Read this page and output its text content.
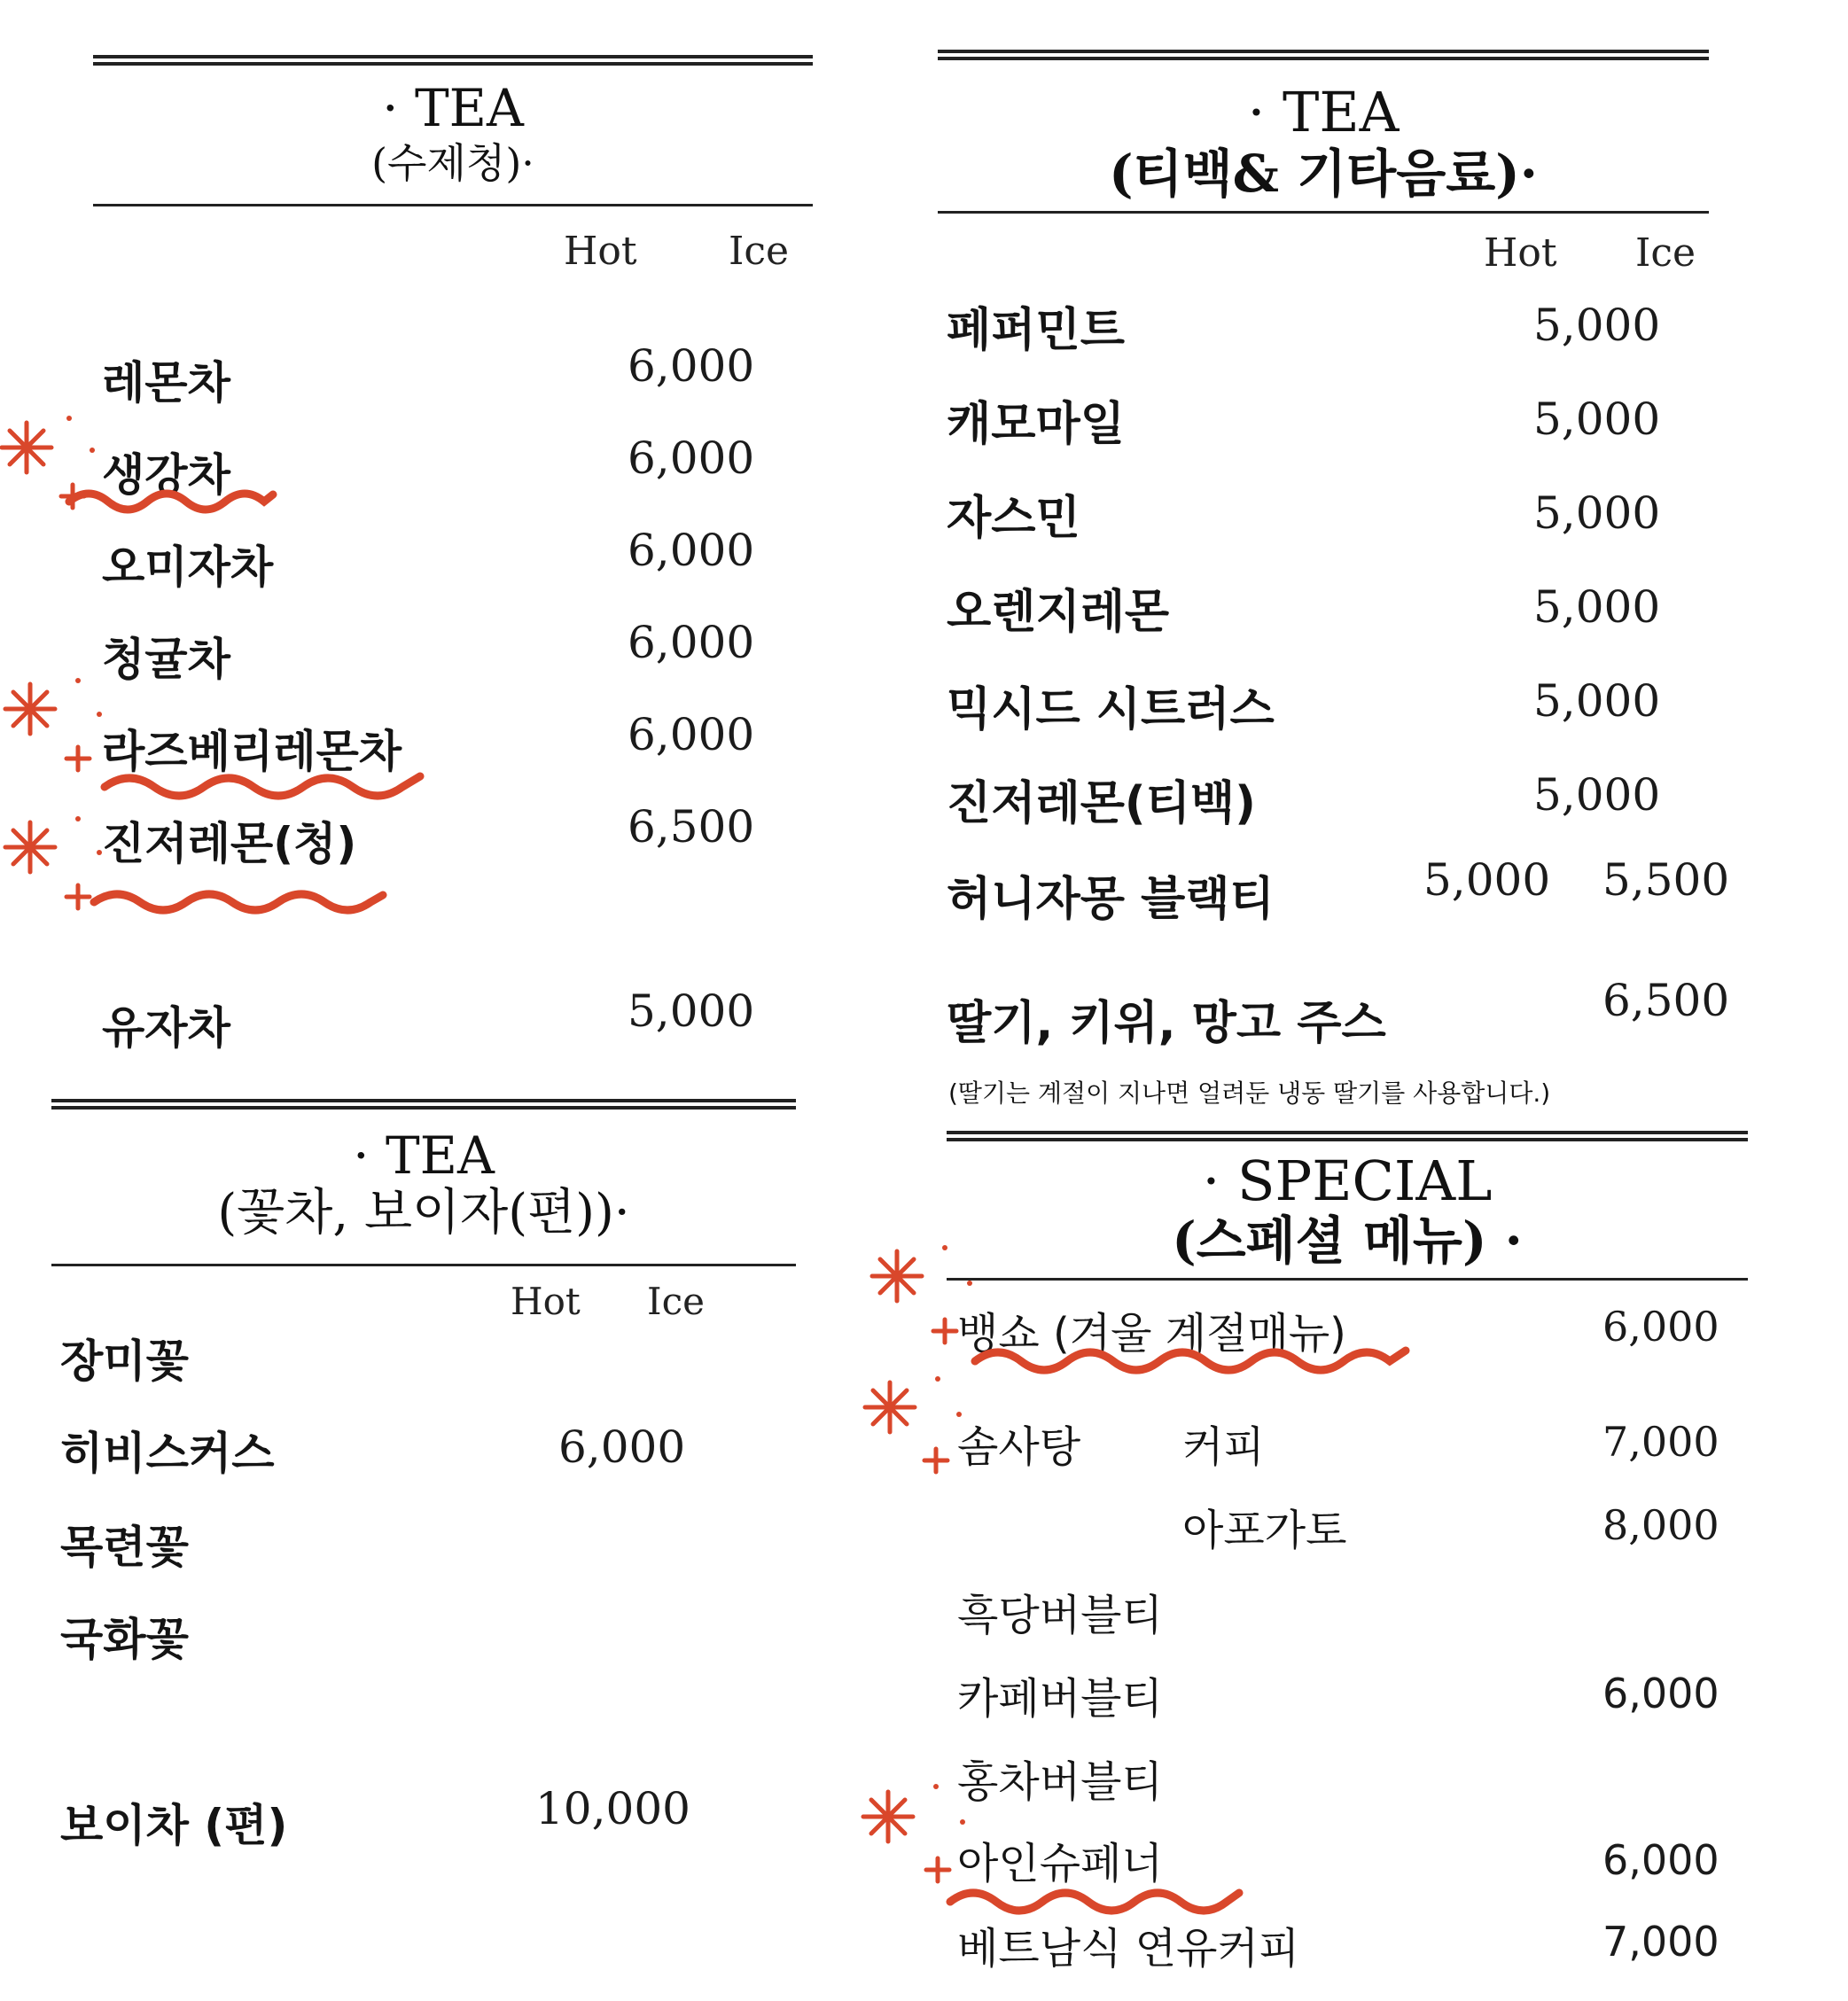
· TEA
(수제청)·
Hot Ice
레몬차	6,000
생강차	6,000
오미자차	6,000
청귤차	6,000
라즈베리레몬차	6,000
진저레몬(청)	6,500
유자차	5,000
· TEA
(티백& 기타음료)·
Hot Ice
페퍼민트	5,000
캐모마일	5,000
자스민	5,000
오렌지레몬	5,000
믹시드 시트러스	5,000
진저레몬(티백)	5,000
허니자몽 블랙티	5,000 5,500
딸기, 키위, 망고 주스	6,500
(딸기는 계절이 지나면 얼려둔 냉동 딸기를 사용합니다.)
· TEA
(꽃차, 보이자(편))·
Hot Ice
장미꽃
히비스커스	6,000
목련꽃
국화꽃
보이차 (편)	10,000
· SPECIAL
(스페셜 메뉴) ·
뱅쇼 (겨울 계절매뉴)	6,000
솜사탕 커피	7,000
아포가토	8,000
흑당버블티
카페버블티	6,000
홍차버블티
아인슈페너	6,000
베트남식 연유커피	7,000
